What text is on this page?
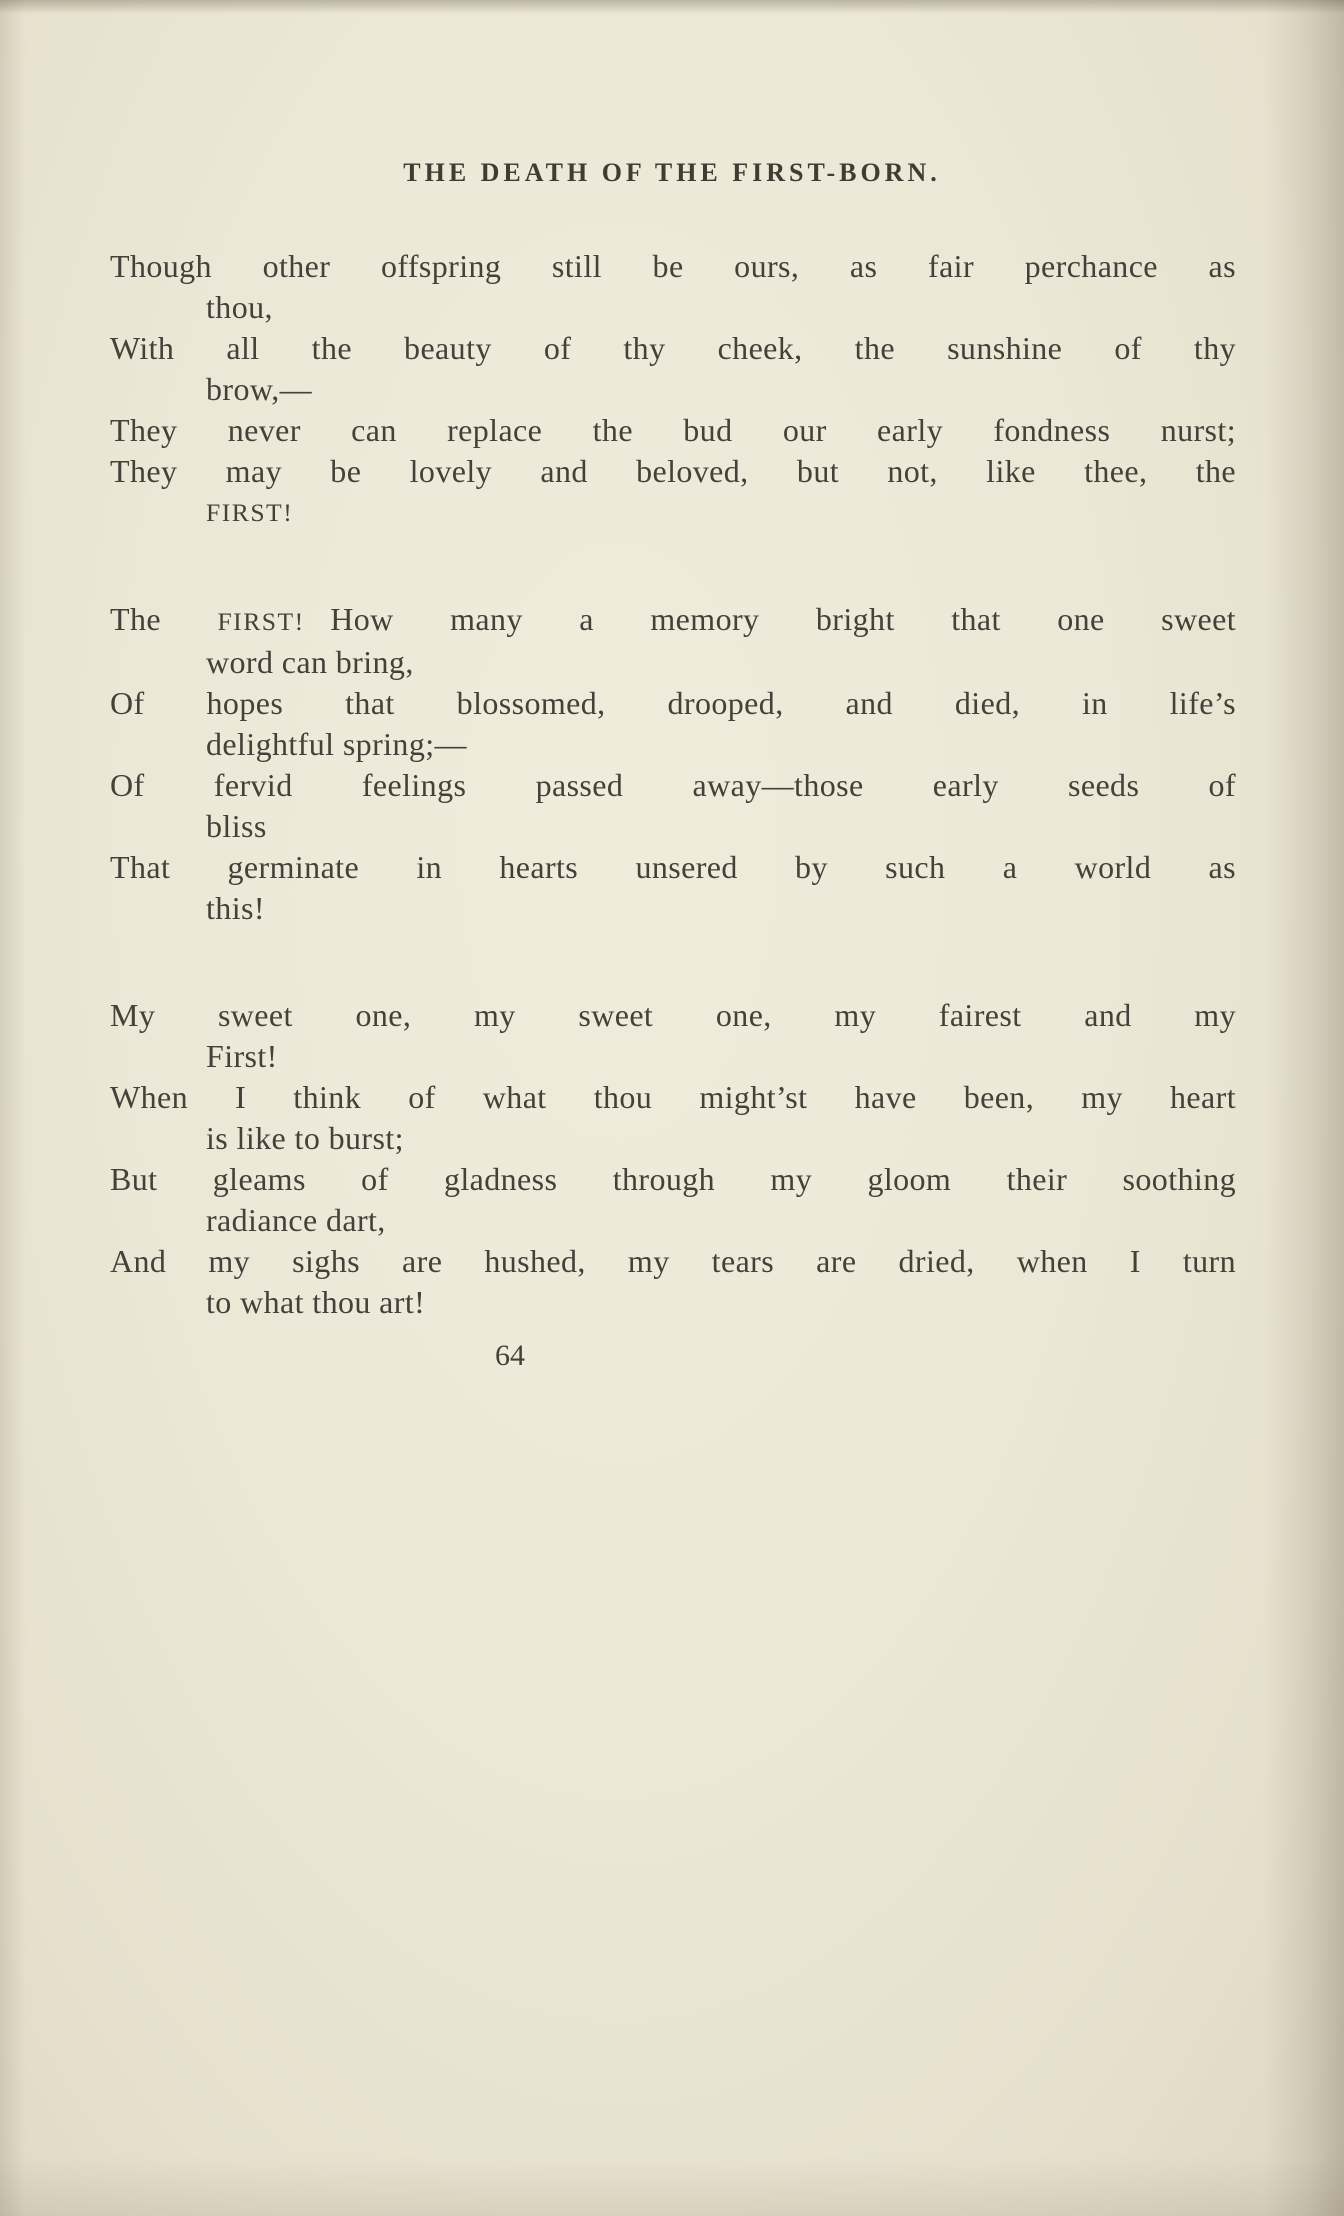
THE DEATH OF THE FIRST-BORN.
Though other offspring still be ours, as fair perchance as
thou,
With all the beauty of thy cheek, the sunshine of thy
brow,—
They never can replace the bud our early fondness nurst;
They may be lovely and beloved, but not, like thee, the
FIRST!
The FIRST! How many a memory bright that one sweet
word can bring,
Of hopes that blossomed, drooped, and died, in life’s
delightful spring;—
Of fervid feelings passed away—those early seeds of
bliss
That germinate in hearts unsered by such a world as
this!
My sweet one, my sweet one, my fairest and my
First!
When I think of what thou might’st have been, my heart
is like to burst;
But gleams of gladness through my gloom their soothing
radiance dart,
And my sighs are hushed, my tears are dried, when I turn
to what thou art!
64
